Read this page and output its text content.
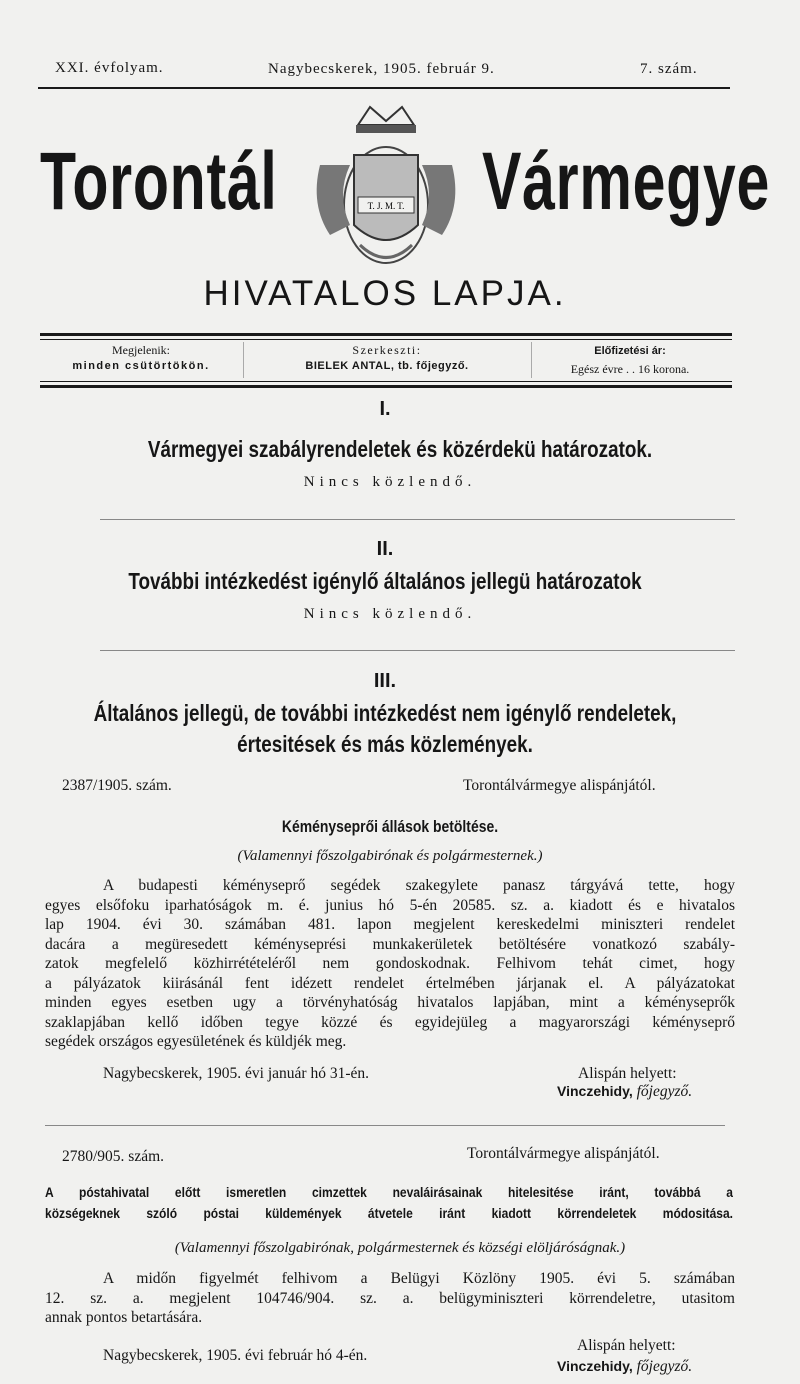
XXI. évfolyam.	Nagybecskerek, 1905. február 9.	7. szám.
Torontál	T. J. M. T. Vármegye
HIVATALOS LAPJA.
Megjelenik:
minden csütörtökön.
Szerkeszti:
BIELEK ANTAL, tb. főjegyző.
Előfizetési ár:
Egész évre . . 16 korona.
I.
Vármegyei szabályrendeletek és közérdekü határozatok.
Nincs közlendő.
II.
További intézkedést igénylő általános jellegü határozatok
Nincs közlendő.
III.
Általános jellegü, de további intézkedést nem igénylő rendeletek,
értesitések és más közlemények.
2387/1905. szám.	Torontálvármegye alispánjától.
Kéményseprői állások betöltése.
(Valamennyi főszolgabirónak és polgármesternek.)
A budapesti kéményseprő segédek szakegylete panasz tárgyává tette, hogy
egyes elsőfoku iparhatóságok m. é. junius hó 5-én 20585. sz. a. kiadott és e hivatalos
lap 1904. évi 30. számában 481. lapon megjelent kereskedelmi miniszteri rendelet
dacára a megüresedett kéményseprési munkakerületek betöltésére vonatkozó szabály-
zatok megfelelő közhirrétételéről nem gondoskodnak. Felhivom tehát cimet, hogy
a pályázatok kiirásánál fent idézett rendelet értelmében járjanak el. A pályázatokat
minden egyes esetben ugy a törvényhatóság hivatalos lapjában, mint a kéményseprők
szaklapjában kellő időben tegye közzé és egyidejüleg a magyarországi kéményseprő
segédek országos egyesületének és küldjék meg.
Nagybecskerek, 1905. évi január hó 31-én.	Alispán helyett:
Vinczehidy, főjegyző.
2780/905. szám.	Torontálvármegye alispánjától.
A póstahivatal előtt ismeretlen cimzettek nevaláirásainak hitelesitése iránt, továbbá a
községeknek szóló póstai küldemények átvetele iránt kiadott körrendeletek módositása.
(Valamennyi főszolgabirónak, polgármesternek és községi elöljáróságnak.)
A midőn figyelmét felhivom a Belügyi Közlöny 1905. évi 5. számában
12. sz. a. megjelent 104746/904. sz. a. belügyminiszteri körrendeletre, utasitom
annak pontos betartására.
Nagybecskerek, 1905. évi február hó 4-én.
Alispán helyett:
Vinczehidy, főjegyző.
